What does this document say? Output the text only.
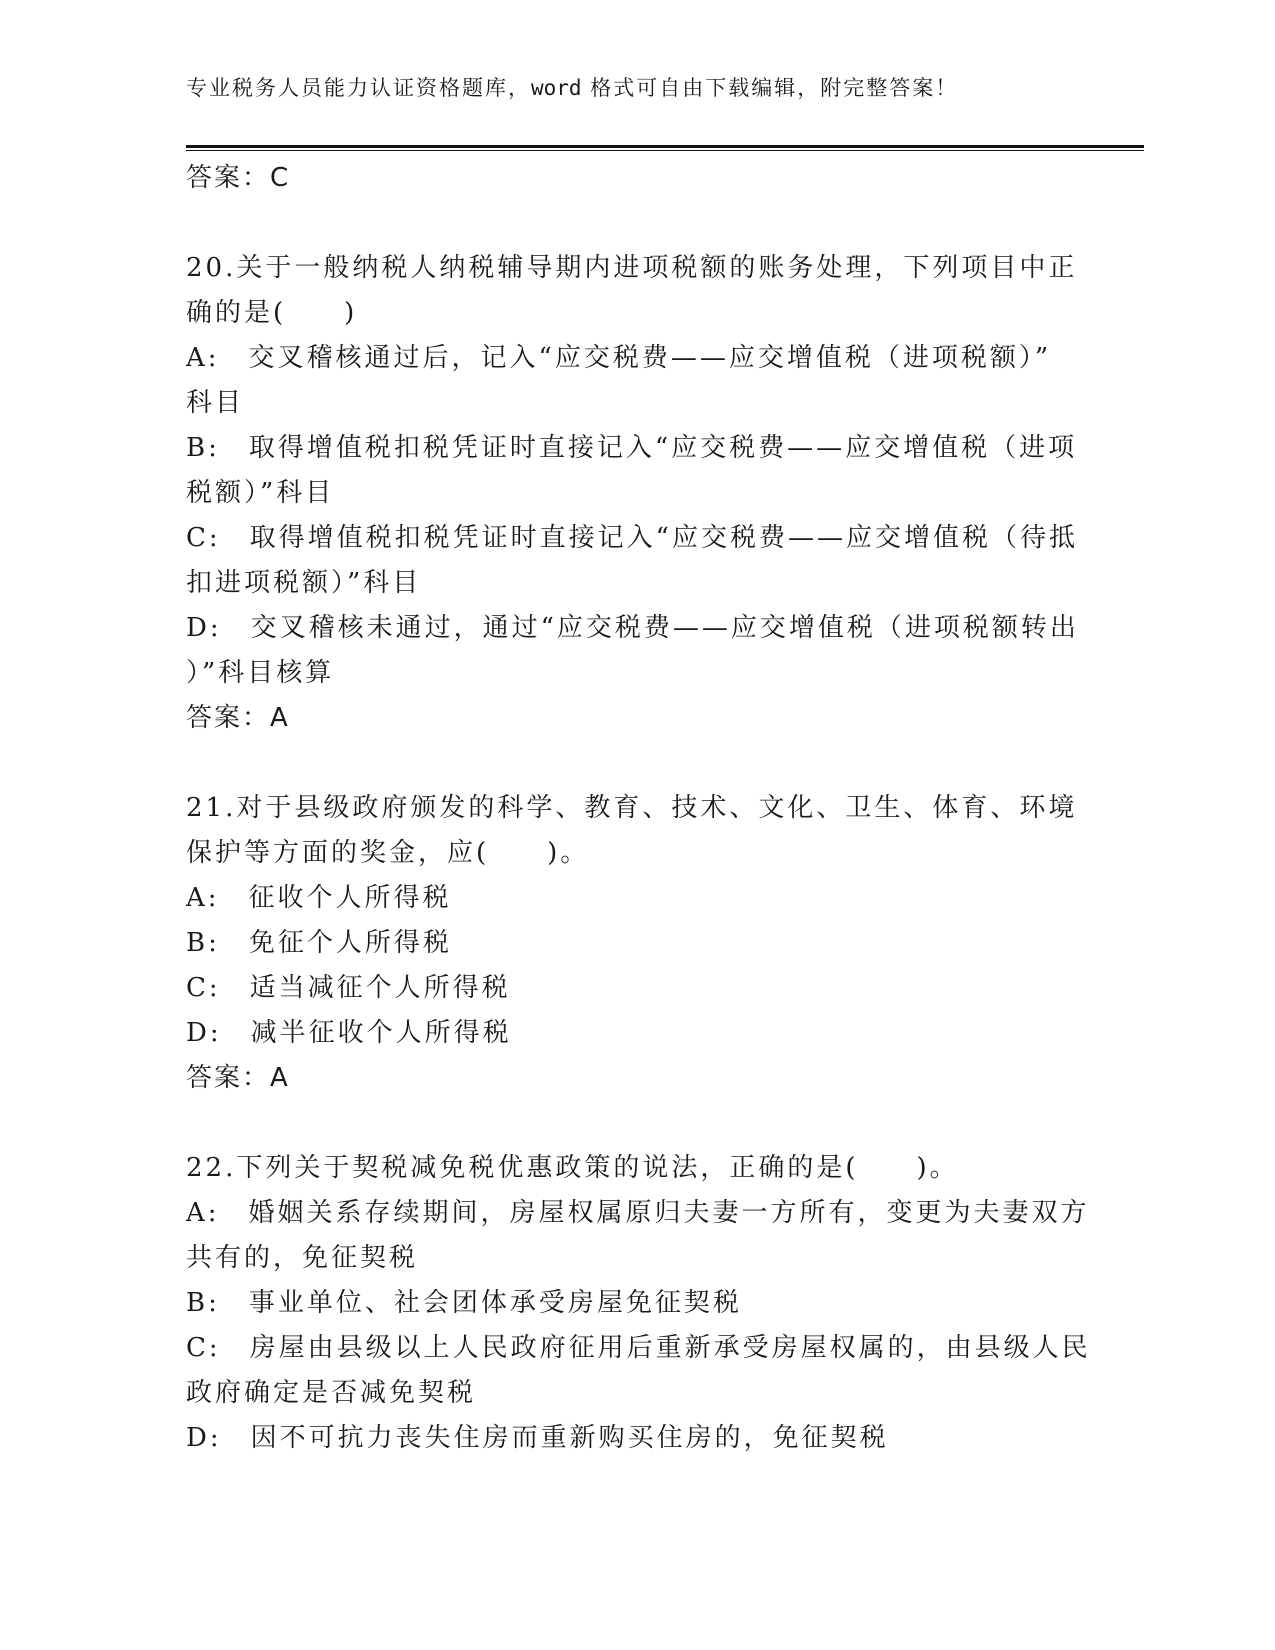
专业税务人员能力认证资格题库，word 格式可自由下载编辑，附完整答案！
答案：C
20.关于一般纳税人纳税辅导期内进项税额的账务处理，下列项目中正
确的是(　　)
A:　交叉稽核通过后，记入“应交税费——应交增值税（进项税额）”
科目
B:　取得增值税扣税凭证时直接记入“应交税费——应交增值税（进项
税额）”科目
C:　取得增值税扣税凭证时直接记入“应交税费——应交增值税（待抵
扣进项税额）”科目
D:　交叉稽核未通过，通过“应交税费——应交增值税（进项税额转出
）”科目核算
答案：A
21.对于县级政府颁发的科学、教育、技术、文化、卫生、体育、环境
保护等方面的奖金，应(　　)。
A:　征收个人所得税
B:　免征个人所得税
C:　适当减征个人所得税
D:　减半征收个人所得税
答案：A
22.下列关于契税减免税优惠政策的说法，正确的是(　　)。
A:　婚姻关系存续期间，房屋权属原归夫妻一方所有，变更为夫妻双方
共有的，免征契税
B:　事业单位、社会团体承受房屋免征契税
C:　房屋由县级以上人民政府征用后重新承受房屋权属的，由县级人民
政府确定是否减免契税
D:　因不可抗力丧失住房而重新购买住房的，免征契税
